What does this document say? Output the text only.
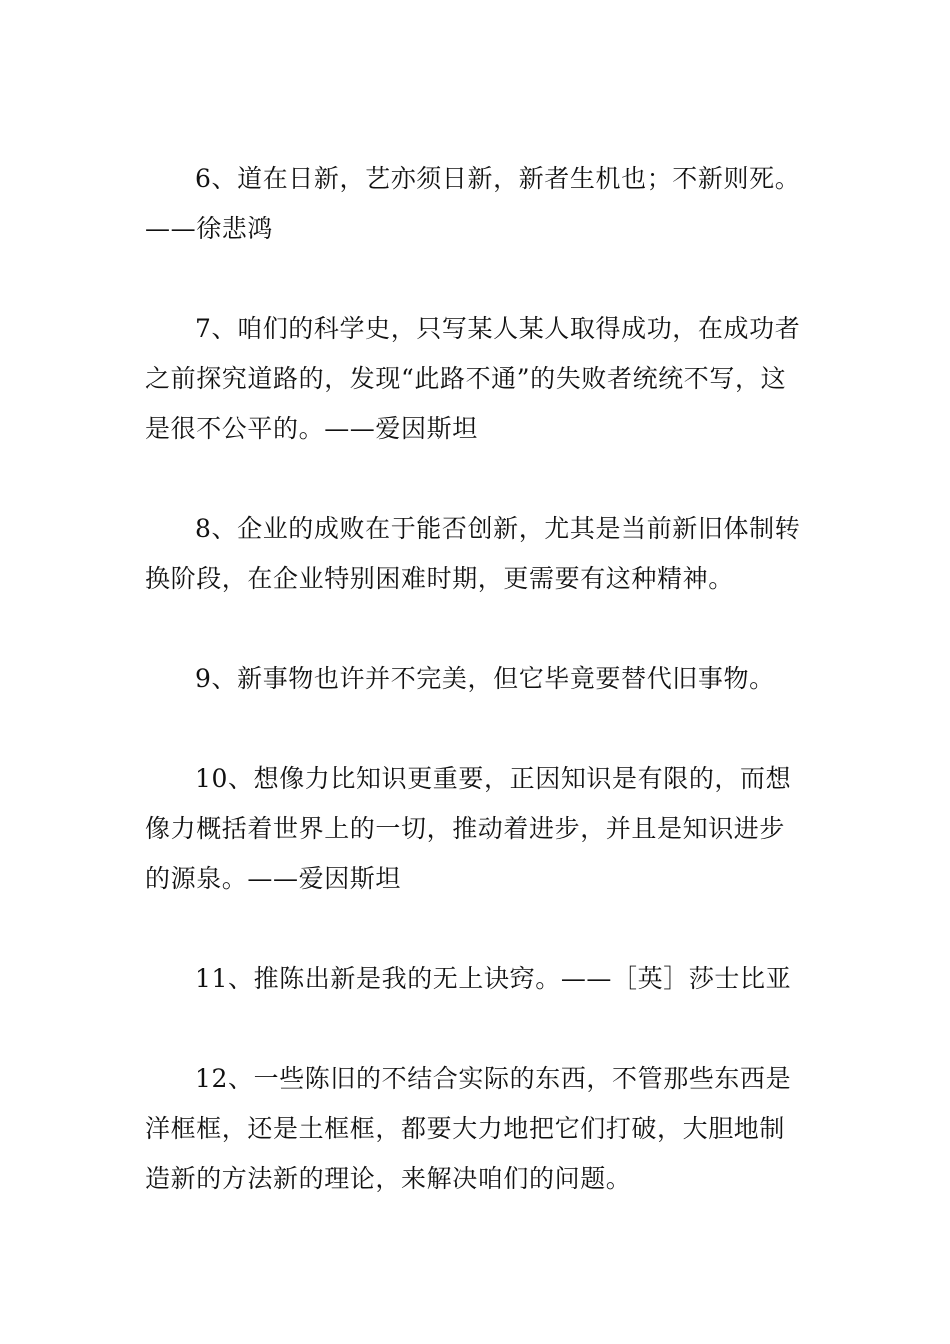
6、道在日新，艺亦须日新，新者生机也；不新则死。——徐悲鸿

7、咱们的科学史，只写某人某人取得成功，在成功者之前探究道路的，发现“此路不通”的失败者统统不写，这是很不公平的。——爱因斯坦

8、企业的成败在于能否创新，尤其是当前新旧体制转换阶段，在企业特别困难时期，更需要有这种精神。

9、新事物也许并不完美，但它毕竟要替代旧事物。

10、想像力比知识更重要，正因知识是有限的，而想像力概括着世界上的一切，推动着进步，并且是知识进步的源泉。——爱因斯坦

11、推陈出新是我的无上诀窍。——［英］莎士比亚

12、一些陈旧的不结合实际的东西，不管那些东西是洋框框，还是土框框，都要大力地把它们打破，大胆地制造新的方法新的理论，来解决咱们的问题。
